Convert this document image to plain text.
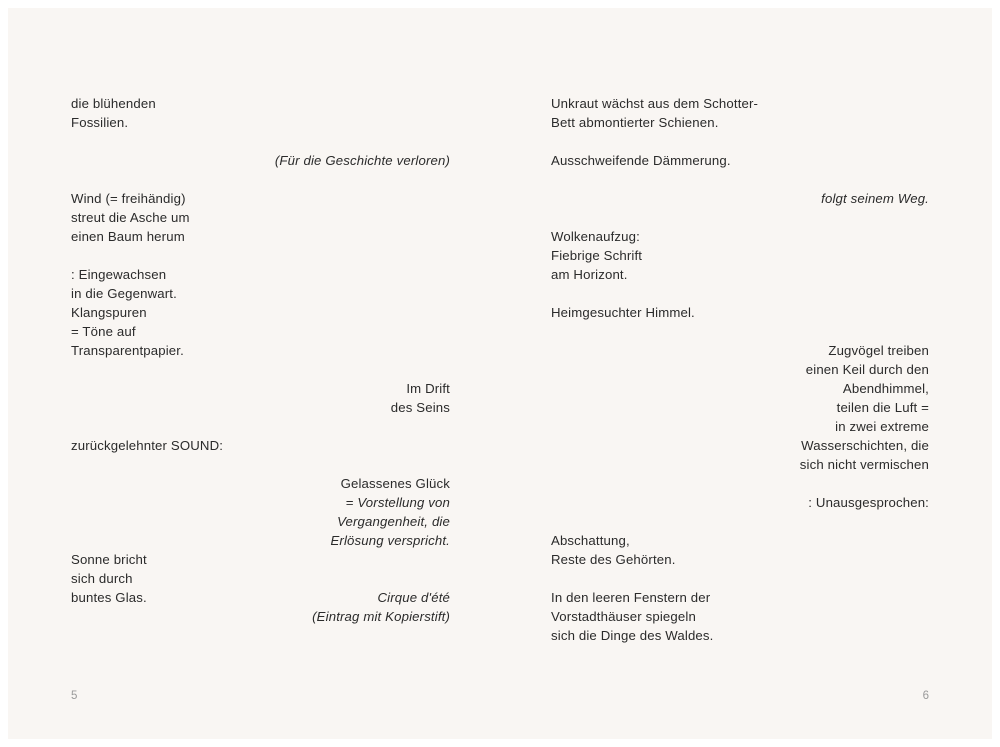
die blühenden
Fossilien.
(Für die Geschichte verloren)
Wind (= freihändig)
streut die Asche um
einen Baum herum
: Eingewachsen
in die Gegenwart.
Klangspuren
= Töne auf
Transparentpapier.
Im Drift
des Seins
zurückgelehnter SOUND:
Gelassenes Glück
= Vorstellung von
Vergangenheit, die
Erlösung verspricht.
Sonne bricht
sich durch
buntes Glas.	Cirque d'été
(Eintrag mit Kopierstift)
5
Unkraut wächst aus dem Schotter-
Bett abmontierter Schienen.
Ausschweifende Dämmerung.
folgt seinem Weg.
Wolkenaufzug:
Fiebrige Schrift
am Horizont.
Heimgesuchter Himmel.
Zugvögel treiben
einen Keil durch den
Abendhimmel,
teilen die Luft =
in zwei extreme
Wasserschichten, die
sich nicht vermischen
: Unausgesprochen:
Abschattung,
Reste des Gehörten.
In den leeren Fenstern der
Vorstadthäuser spiegeln
sich die Dinge des Waldes.
6
